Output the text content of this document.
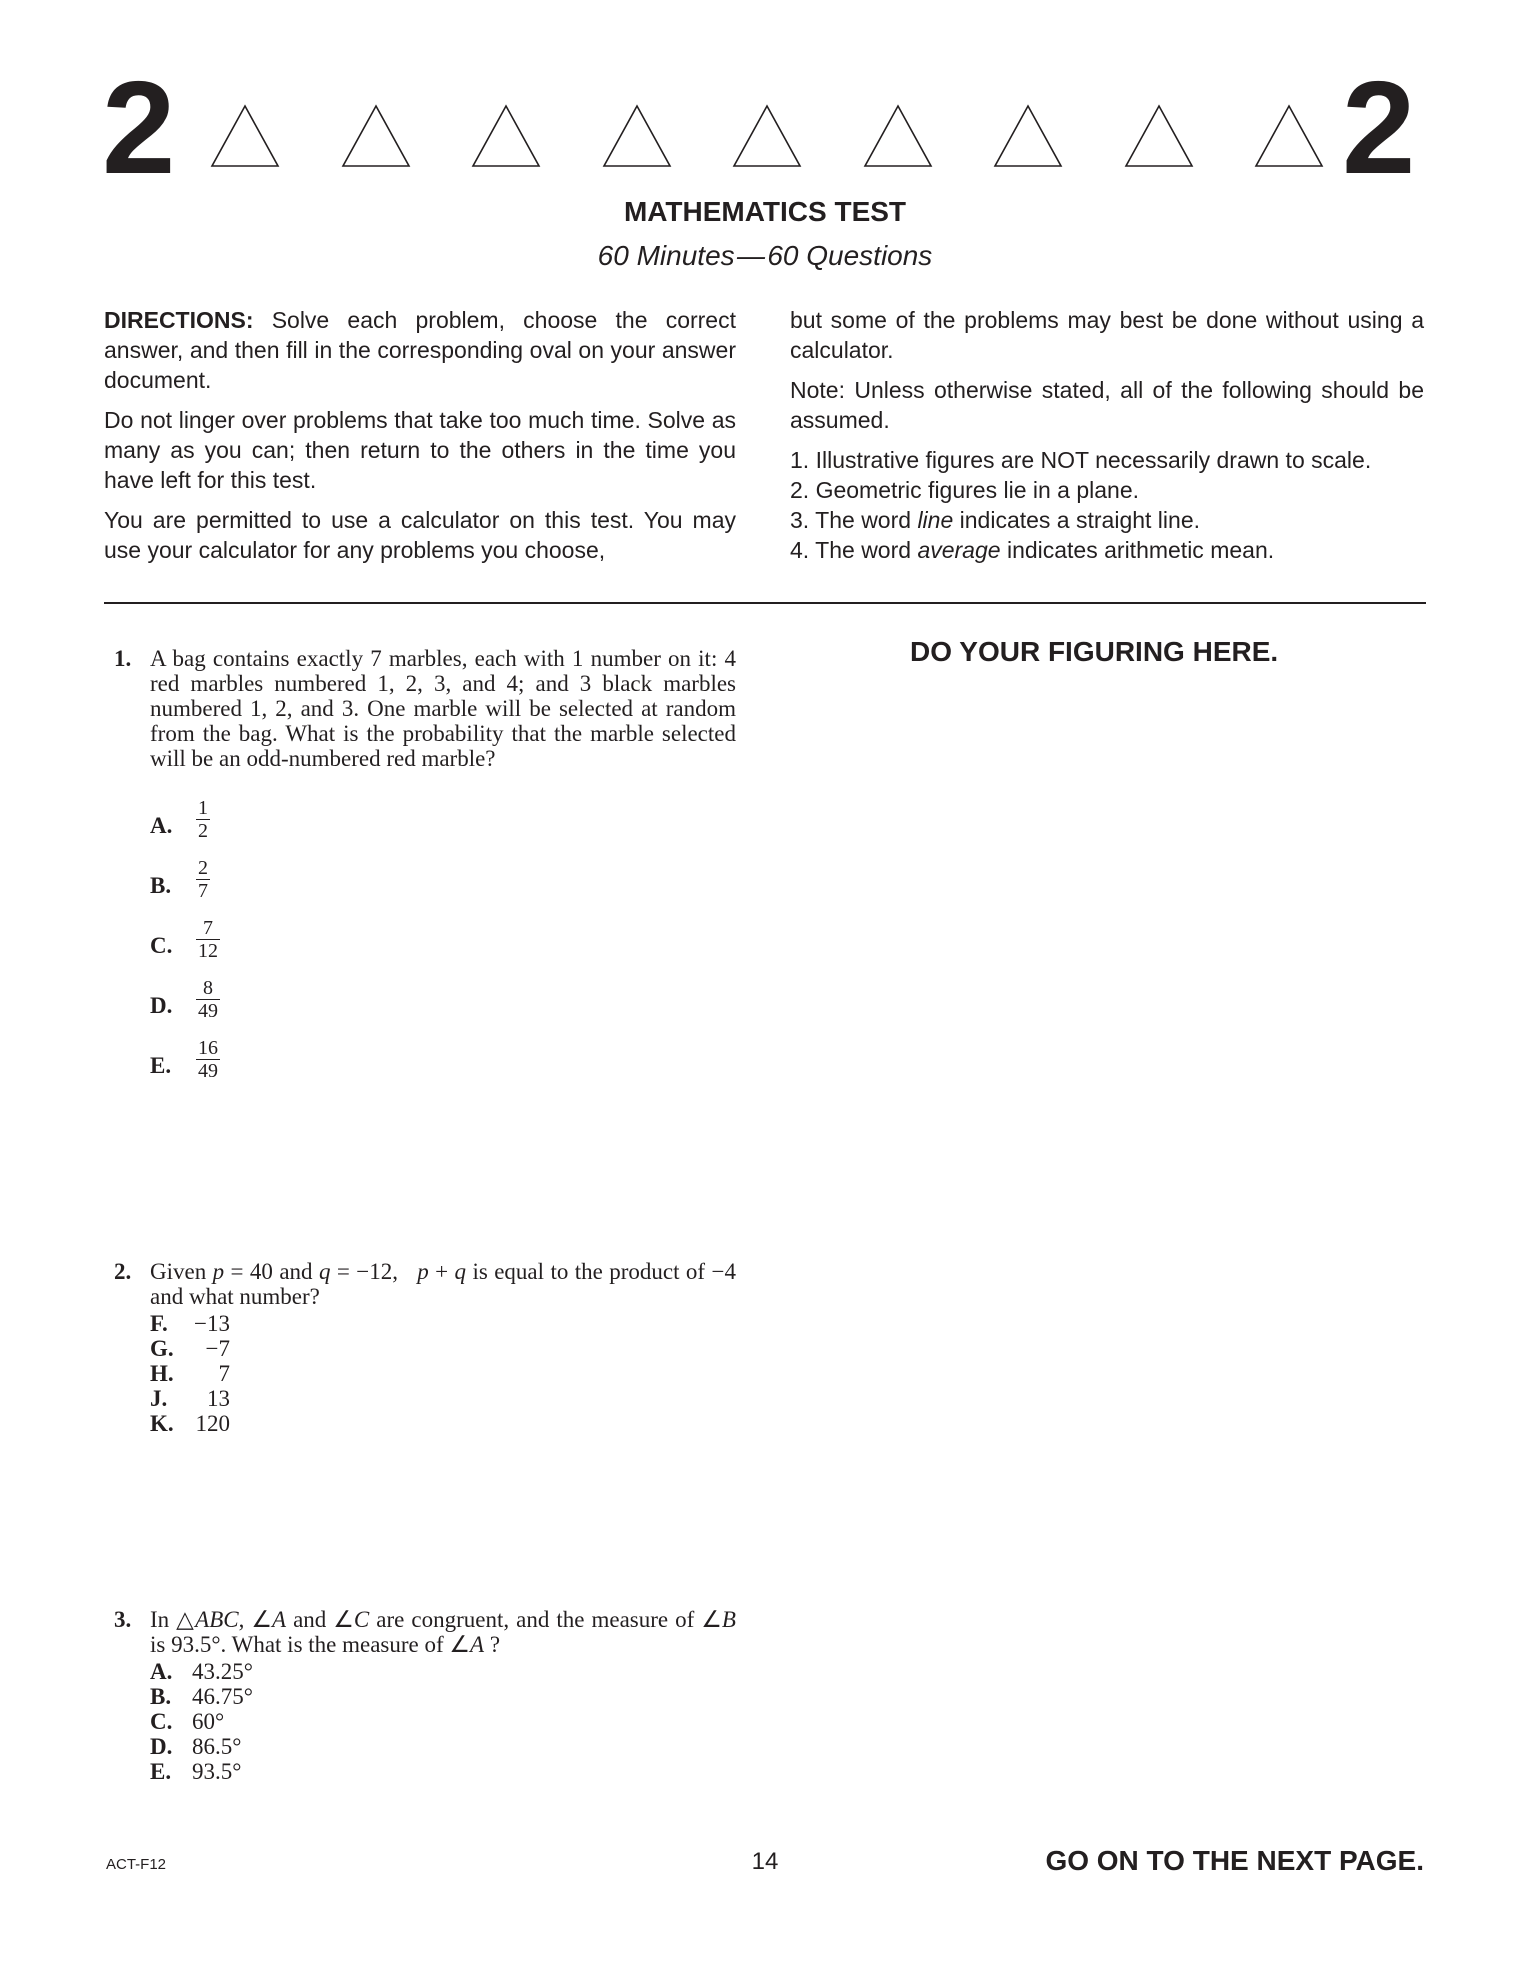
2	2
MATHEMATICS TEST
60 Minutes — 60 Questions

DIRECTIONS: Solve each problem, choose the correct answer, and then fill in the corresponding oval on your answer document.

Do not linger over problems that take too much time. Solve as many as you can; then return to the others in the time you have left for this test.

You are permitted to use a calculator on this test. You may use your calculator for any problems you choose,

but some of the problems may best be done without using a calculator.

Note: Unless otherwise stated, all of the following should be assumed.

1. Illustrative figures are NOT necessarily drawn to scale.
2. Geometric figures lie in a plane.
3. The word line indicates a straight line.
4. The word average indicates arithmetic mean.
DO YOUR FIGURING HERE.
1. A bag contains exactly 7 marbles, each with 1 number on it: 4 red marbles numbered 1, 2, 3, and 4; and 3 black marbles numbered 1, 2, and 3. One marble will be selected at random from the bag. What is the probability that the marble selected will be an odd-numbered red marble?
A.
1
2
B.
2
7
C.
7
12
D.
8
49
E.
16
49
2. Given p = 40 and q = −12,   p + q is equal to the product of −4 and what number?
F.	−13
G.	−7
H.	7
J.	13
K. 120
3. In △ABC, ∠A and ∠C are congruent, and the measure of ∠B is 93.5°. What is the measure of ∠A ?
A. 43.25°
B. 46.75°
C. 60°
D. 86.5°
E. 93.5°
ACT-F12	14	GO ON TO THE NEXT PAGE.
